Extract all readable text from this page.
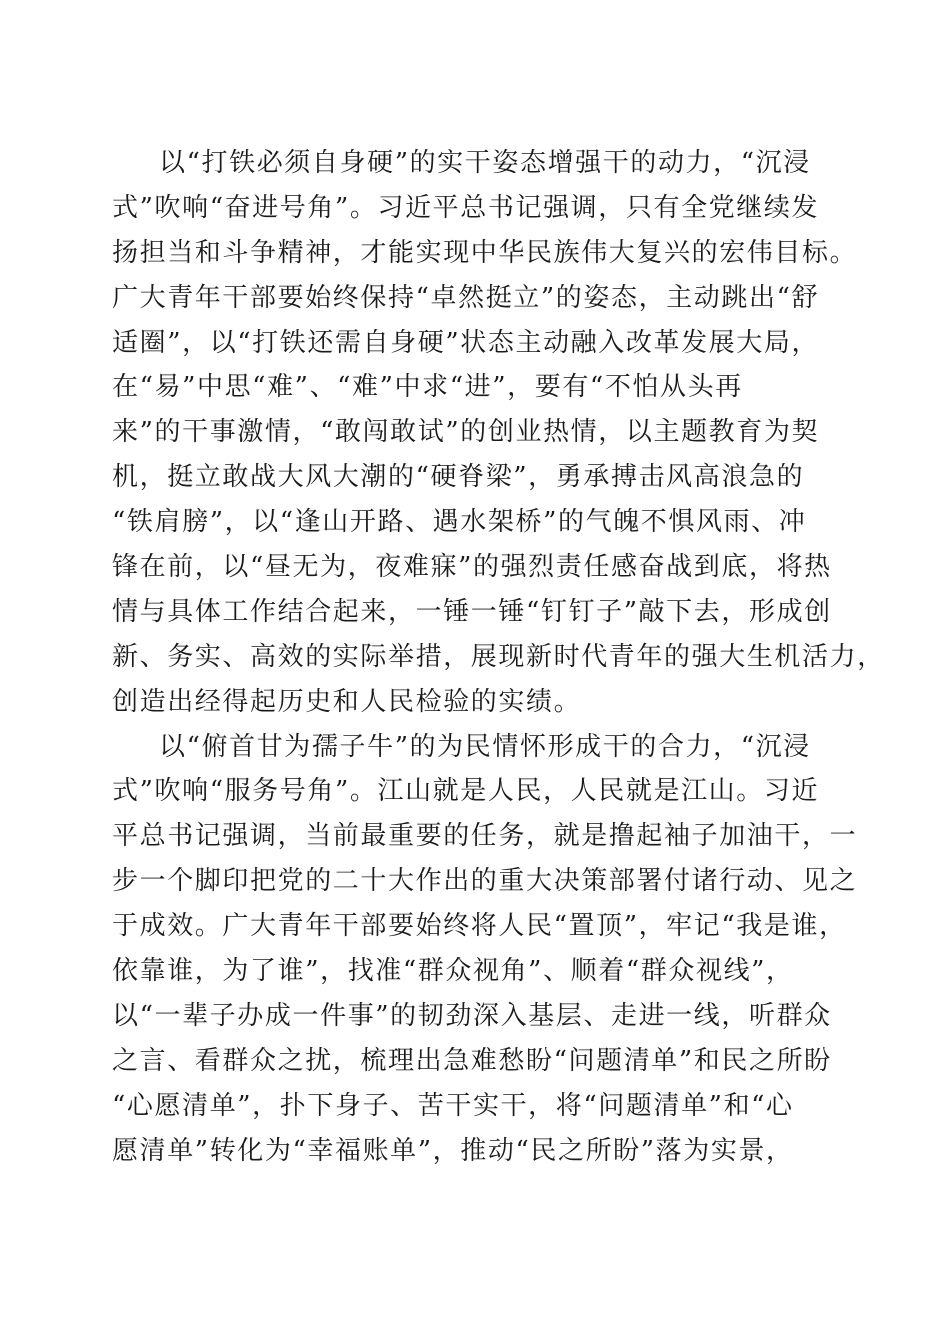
以“打铁必须自身硬”的实干姿态增强干的动力，“沉浸
式”吹响“奋进号角”。习近平总书记强调，只有全党继续发
扬担当和斗争精神，才能实现中华民族伟大复兴的宏伟目标。
广大青年干部要始终保持“卓然挺立”的姿态，主动跳出“舒
适圈”，以“打铁还需自身硬”状态主动融入改革发展大局，
在“易”中思“难”、“难”中求“进”，要有“不怕从头再
来”的干事激情，“敢闯敢试”的创业热情，以主题教育为契
机，挺立敢战大风大潮的“硬脊梁”，勇承搏击风高浪急的
“铁肩膀”，以“逢山开路、遇水架桥”的气魄不惧风雨、冲
锋在前，以“昼无为，夜难寐”的强烈责任感奋战到底，将热
情与具体工作结合起来，一锤一锤“钉钉子”敲下去，形成创
新、务实、高效的实际举措，展现新时代青年的强大生机活力，
创造出经得起历史和人民检验的实绩。
以“俯首甘为孺子牛”的为民情怀形成干的合力，“沉浸
式”吹响“服务号角”。江山就是人民，人民就是江山。习近
平总书记强调，当前最重要的任务，就是撸起袖子加油干，一
步一个脚印把党的二十大作出的重大决策部署付诸行动、见之
于成效。广大青年干部要始终将人民“置顶”，牢记“我是谁，
依靠谁，为了谁”，找准“群众视角”、顺着“群众视线”，
以“一辈子办成一件事”的韧劲深入基层、走进一线，听群众
之言、看群众之扰，梳理出急难愁盼“问题清单”和民之所盼
“心愿清单”，扑下身子、苦干实干，将“问题清单”和“心
愿清单”转化为“幸福账单”，推动“民之所盼”落为实景，
